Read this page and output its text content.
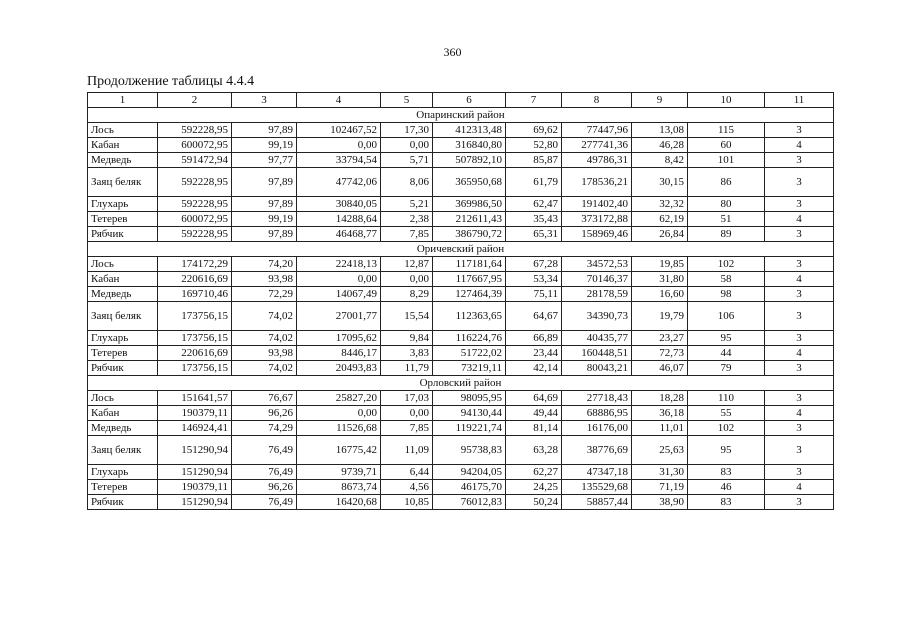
360
Продолжение таблицы 4.4.4
1	2	3	4	5	6	7	8	9	10	11
Опаринский район										
Лось	592228,95	97,89	102467,52	17,30	412313,48	69,62	77447,96	13,08	115	3
Кабан	600072,95	99,19	0,00	0,00	316840,80	52,80	277741,36	46,28	60	4
Медведь	591472,94	97,77	33794,54	5,71	507892,10	85,87	49786,31	8,42	101	3
Заяц беляк	592228,95	97,89	47742,06	8,06	365950,68	61,79	178536,21	30,15	86	3
Глухарь	592228,95	97,89	30840,05	5,21	369986,50	62,47	191402,40	32,32	80	3
Тетерев	600072,95	99,19	14288,64	2,38	212611,43	35,43	373172,88	62,19	51	4
Рябчик	592228,95	97,89	46468,77	7,85	386790,72	65,31	158969,46	26,84	89	3
Оричевский район										
Лось	174172,29	74,20	22418,13	12,87	117181,64	67,28	34572,53	19,85	102	3
Кабан	220616,69	93,98	0,00	0,00	117667,95	53,34	70146,37	31,80	58	4
Медведь	169710,46	72,29	14067,49	8,29	127464,39	75,11	28178,59	16,60	98	3
Заяц беляк	173756,15	74,02	27001,77	15,54	112363,65	64,67	34390,73	19,79	106	3
Глухарь	173756,15	74,02	17095,62	9,84	116224,76	66,89	40435,77	23,27	95	3
Тетерев	220616,69	93,98	8446,17	3,83	51722,02	23,44	160448,51	72,73	44	4
Рябчик	173756,15	74,02	20493,83	11,79	73219,11	42,14	80043,21	46,07	79	3
Орловский район										
Лось	151641,57	76,67	25827,20	17,03	98095,95	64,69	27718,43	18,28	110	3
Кабан	190379,11	96,26	0,00	0,00	94130,44	49,44	68886,95	36,18	55	4
Медведь	146924,41	74,29	11526,68	7,85	119221,74	81,14	16176,00	11,01	102	3
Заяц беляк	151290,94	76,49	16775,42	11,09	95738,83	63,28	38776,69	25,63	95	3
Глухарь	151290,94	76,49	9739,71	6,44	94204,05	62,27	47347,18	31,30	83	3
Тетерев	190379,11	96,26	8673,74	4,56	46175,70	24,25	135529,68	71,19	46	4
Рябчик	151290,94	76,49	16420,68	10,85	76012,83	50,24	58857,44	38,90	83	3
